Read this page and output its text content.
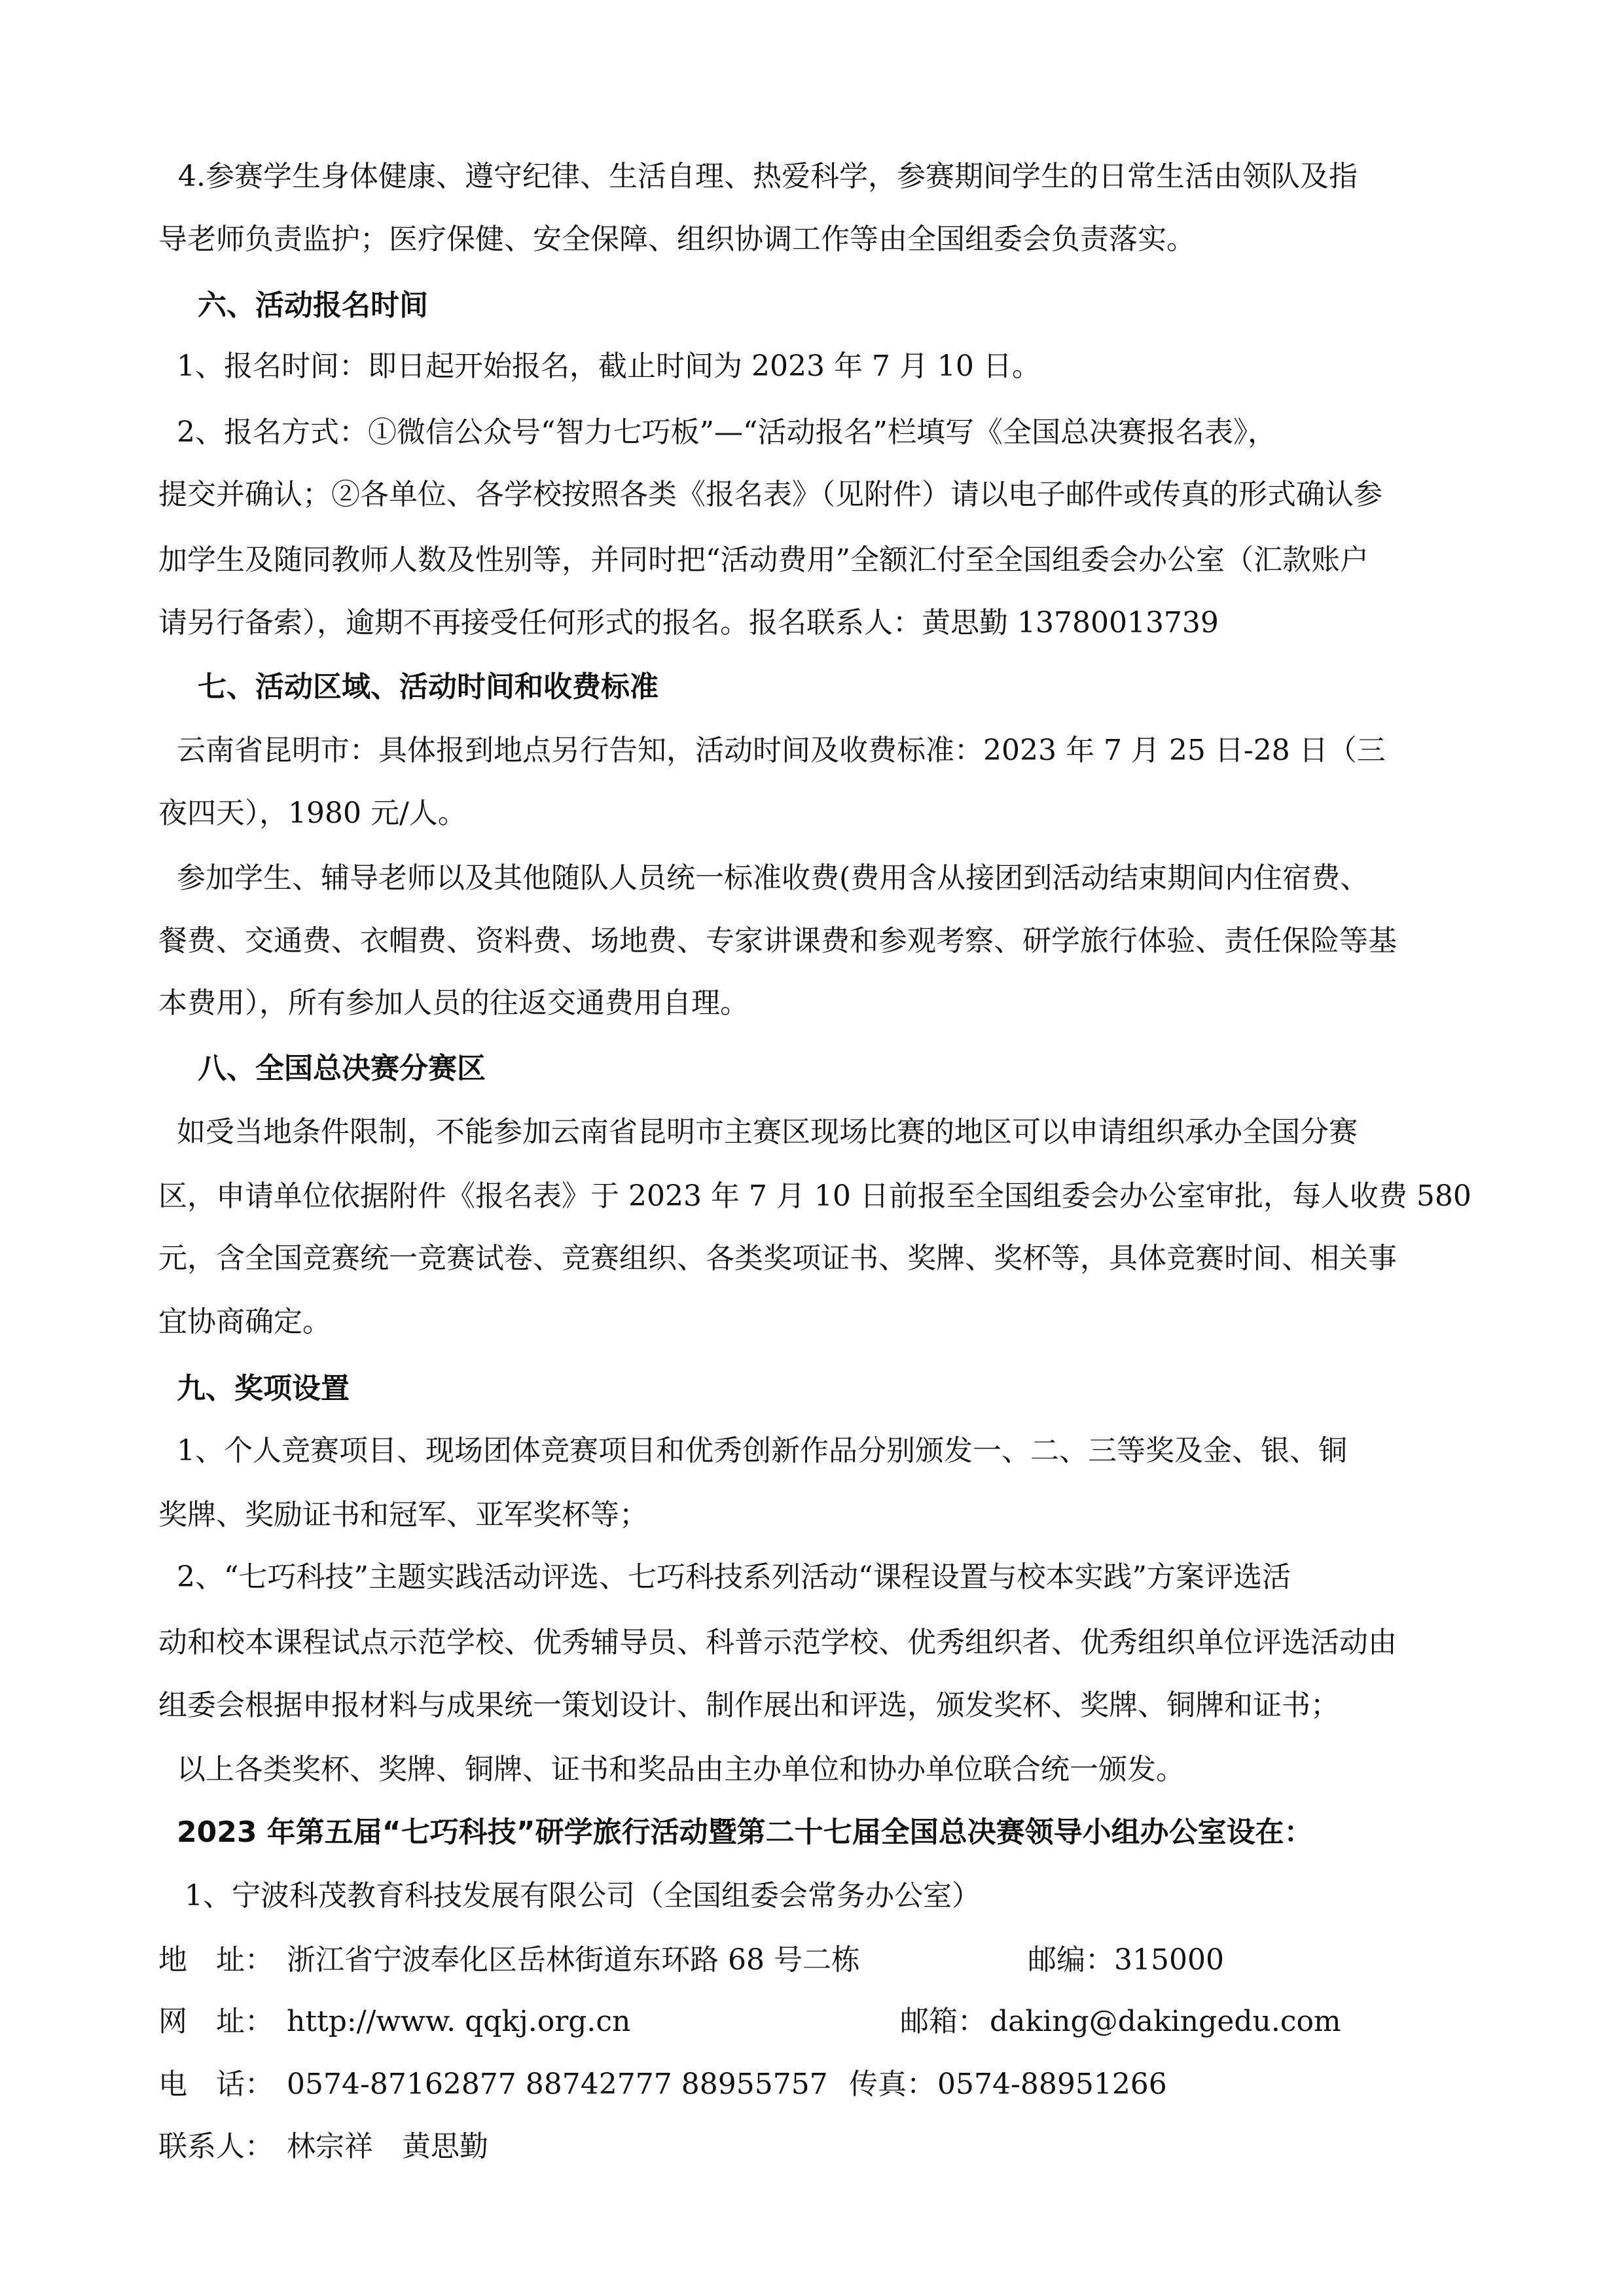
4.参赛学生身体健康、遵守纪律、生活自理、热爱科学，参赛期间学生的日常生活由领队及指
导老师负责监护；医疗保健、安全保障、组织协调工作等由全国组委会负责落实。
六、活动报名时间
1、报名时间：即日起开始报名，截止时间为 2023 年 7 月 10 日。
2、报名方式：①微信公众号“智力七巧板”—“活动报名”栏填写《全国总决赛报名表》，
提交并确认；②各单位、各学校按照各类《报名表》（见附件）请以电子邮件或传真的形式确认参
加学生及随同教师人数及性别等，并同时把“活动费用”全额汇付至全国组委会办公室（汇款账户
请另行备索），逾期不再接受任何形式的报名。报名联系人：黄思勤 13780013739
七、活动区域、活动时间和收费标准
云南省昆明市：具体报到地点另行告知，活动时间及收费标准：2023 年 7 月 25 日-28 日（三
夜四天），1980 元/人。
参加学生、辅导老师以及其他随队人员统一标准收费(费用含从接团到活动结束期间内住宿费、
餐费、交通费、衣帽费、资料费、场地费、专家讲课费和参观考察、研学旅行体验、责任保险等基
本费用），所有参加人员的往返交通费用自理。
八、全国总决赛分赛区
如受当地条件限制，不能参加云南省昆明市主赛区现场比赛的地区可以申请组织承办全国分赛
区，申请单位依据附件《报名表》于 2023 年 7 月 10 日前报至全国组委会办公室审批，每人收费 580
元，含全国竞赛统一竞赛试卷、竞赛组织、各类奖项证书、奖牌、奖杯等，具体竞赛时间、相关事
宜协商确定。
九、奖项设置
1、个人竞赛项目、现场团体竞赛项目和优秀创新作品分别颁发一、二、三等奖及金、银、铜
奖牌、奖励证书和冠军、亚军奖杯等；
2、“七巧科技”主题实践活动评选、七巧科技系列活动“课程设置与校本实践”方案评选活
动和校本课程试点示范学校、优秀辅导员、科普示范学校、优秀组织者、优秀组织单位评选活动由
组委会根据申报材料与成果统一策划设计、制作展出和评选，颁发奖杯、奖牌、铜牌和证书；
以上各类奖杯、奖牌、铜牌、证书和奖品由主办单位和协办单位联合统一颁发。
2023 年第五届“七巧科技”研学旅行活动暨第二十七届全国总决赛领导小组办公室设在：
1、宁波科茂教育科技发展有限公司（全国组委会常务办公室）
地　址： 浙江省宁波奉化区岳林街道东环路 68 号二栋	邮编： 315000
网　址： http://www. qqkj.org.cn	邮箱： daking@dakingedu.com
电　话： 0574-87162877 88742777 88955757 传真： 0574-88951266
联系人： 林宗祥　黄思勤
